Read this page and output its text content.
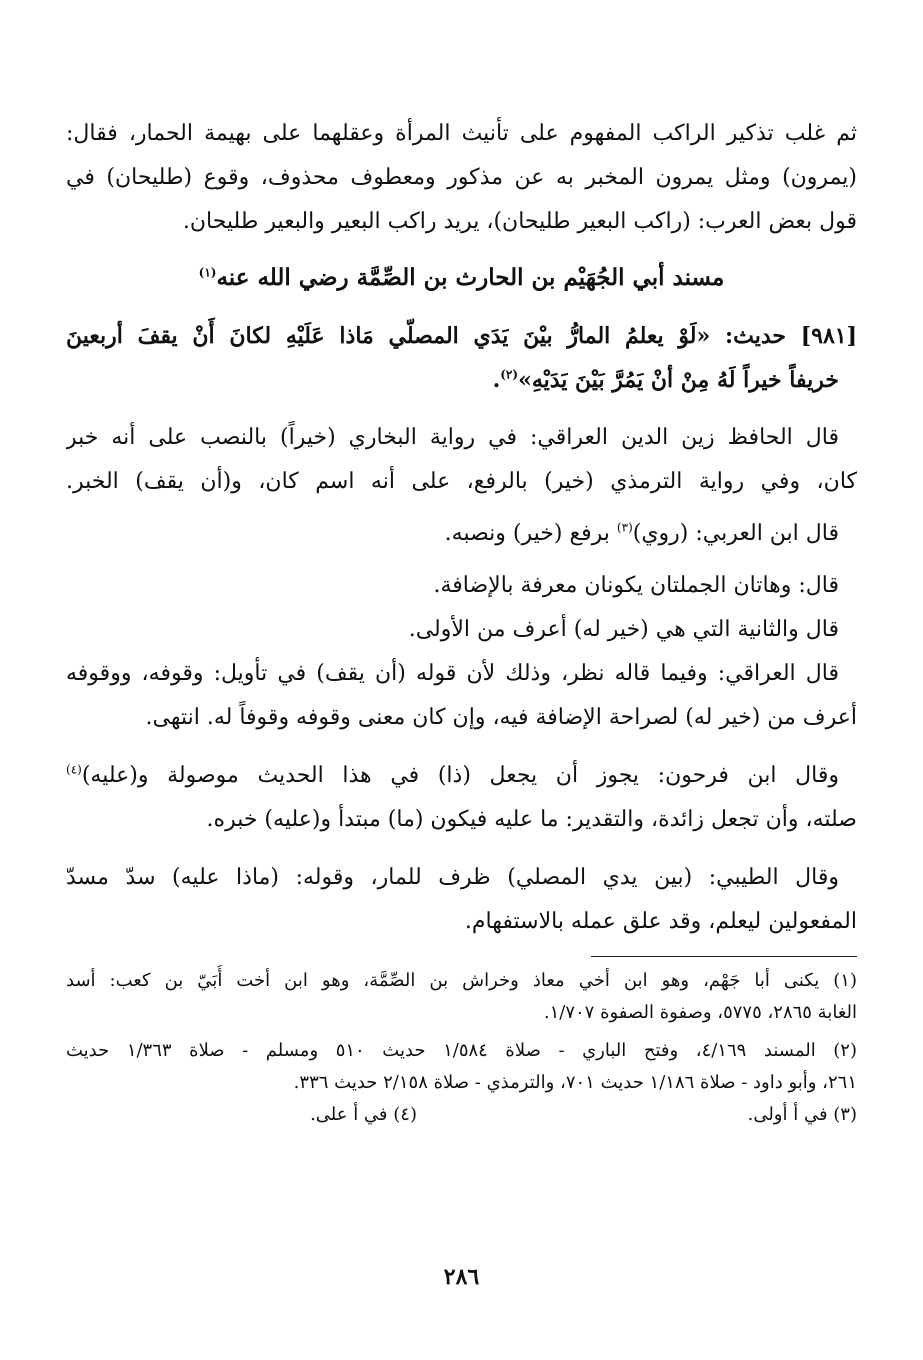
ثم غلب تذكير الراكب المفهوم على تأنيث المرأة وعقلهما على بهيمة الحمار، فقال:
(يمرون) ومثل يمرون المخبر به عن مذكور ومعطوف محذوف، وقوع (طليحان) في
قول بعض العرب: (راكب البعير طليحان)، يريد راكب البعير والبعير طليحان.
مسند أبي الجُهَيْم بن الحارث بن الصِّمَّة رضي الله عنه$^{(١)}$
[٩٨١] حديث: «لَوْ يعلمُ المارُّ بيْنَ يَدَي المصلّي مَاذا عَلَيْهِ لكانَ أَنْ يقفَ أربعينَ
خريفاً خيراً لَهُ مِنْ أنْ يَمُرَّ بَيْنَ يَدَيْهِ»$^{(٢)}$.
قال الحافظ زين الدين العراقي: في رواية البخاري (خيراً) بالنصب على أنه خبر
كان، وفي رواية الترمذي (خير) بالرفع، على أنه اسم كان، و(أن يقف) الخبر.
قال ابن العربي: (روي)$^{(٣)}$ برفع (خير) ونصبه.
قال: وهاتان الجملتان يكونان معرفة بالإضافة.
قال والثانية التي هي (خير له) أعرف من الأولى.
قال العراقي: وفيما قاله نظر، وذلك لأن قوله (أن يقف) في تأويل: وقوفه، ووقوفه
أعرف من (خير له) لصراحة الإضافة فيه، وإن كان معنى وقوفه وقوفاً له. انتهى.
وقال ابن فرحون: يجوز أن يجعل (ذا) في هذا الحديث موصولة و(عليه)$^{(٤)}$
صلته، وأن تجعل زائدة، والتقدير: ما عليه فيكون (ما) مبتدأ و(عليه) خبره.
وقال الطيبي: (بين يدي المصلي) ظرف للمار، وقوله: (ماذا عليه) سدّ مسدّ
المفعولين ليعلم، وقد علق عمله بالاستفهام.
(١) يكنى أبا جَهْم، وهو ابن أخي معاذ وخراش بن الصِّمَّة، وهو ابن أخت أُبَيّ بن كعب: أسد
الغابة ٢٨٦٥، ٥٧٧٥، وصفوة الصفوة ١/٧٠٧.
(٢) المسند ٤/١٦٩، وفتح الباري - صلاة ١/٥٨٤ حديث ٥١٠ ومسلم - صلاة ١/٣٦٣ حديث
٢٦١، وأبو داود - صلاة ١/١٨٦ حديث ٧٠١، والترمذي - صلاة ٢/١٥٨ حديث ٣٣٦.
(٣) في أ أولى.
(٤) في أ على.
٢٨٦
